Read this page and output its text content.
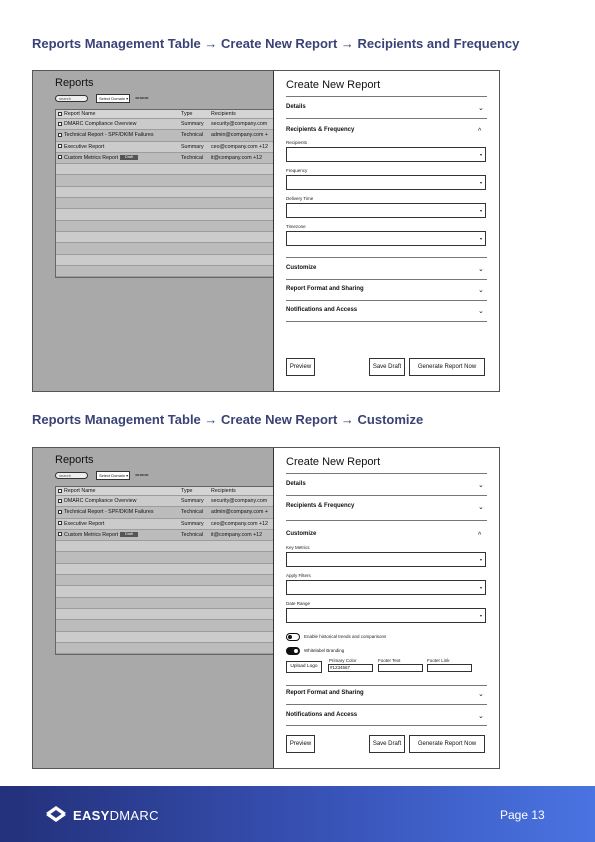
Reports Management Table → Create New Report → Recipients and Frequency
Reports
search	Select Domain ▾ ⩶
Report Name	Type	Recipients
DMARC Compliance Overview	Summary security@company.com
Technical Report - SPF/DKIM Failures	Technical admin@company.com +
Executive Report	Summary ceo@company.com +12
Custom Metrics Report Draft	Technical it@company.com +12
Create New Report
Details	⌄
Recipients & Frequency	^
Recipients
▾
Frequency
▾
Delivery Time
▾
Timezone
▾
Customize	⌄
Report Format and Sharing	⌄
Notifications and Access	⌄
Preview	Save Draft	Generate Report Now
Reports Management Table → Create New Report → Customize
Reports
search	Select Domain ▾ ⩶
Report Name	Type	Recipients
DMARC Compliance Overview	Summary security@company.com
Technical Report - SPF/DKIM Failures	Technical admin@company.com +
Executive Report	Summary ceo@company.com +12
Custom Metrics Report Draft	Technical it@company.com +12
Create New Report
Details	⌄
Recipients & Frequency	⌄
Customize	^
Key Metrics
▾
Apply Filters
▾
Date Range
▾
Enable historical trends and comparisons
Whitelabel Branding
Upload Logo
Primary Color
#1234567
Footer Text	Footer Link
Report Format and Sharing	⌄
Notifications and Access	⌄
Preview	Save Draft	Generate Report Now
EASYDMARC	Page 13
